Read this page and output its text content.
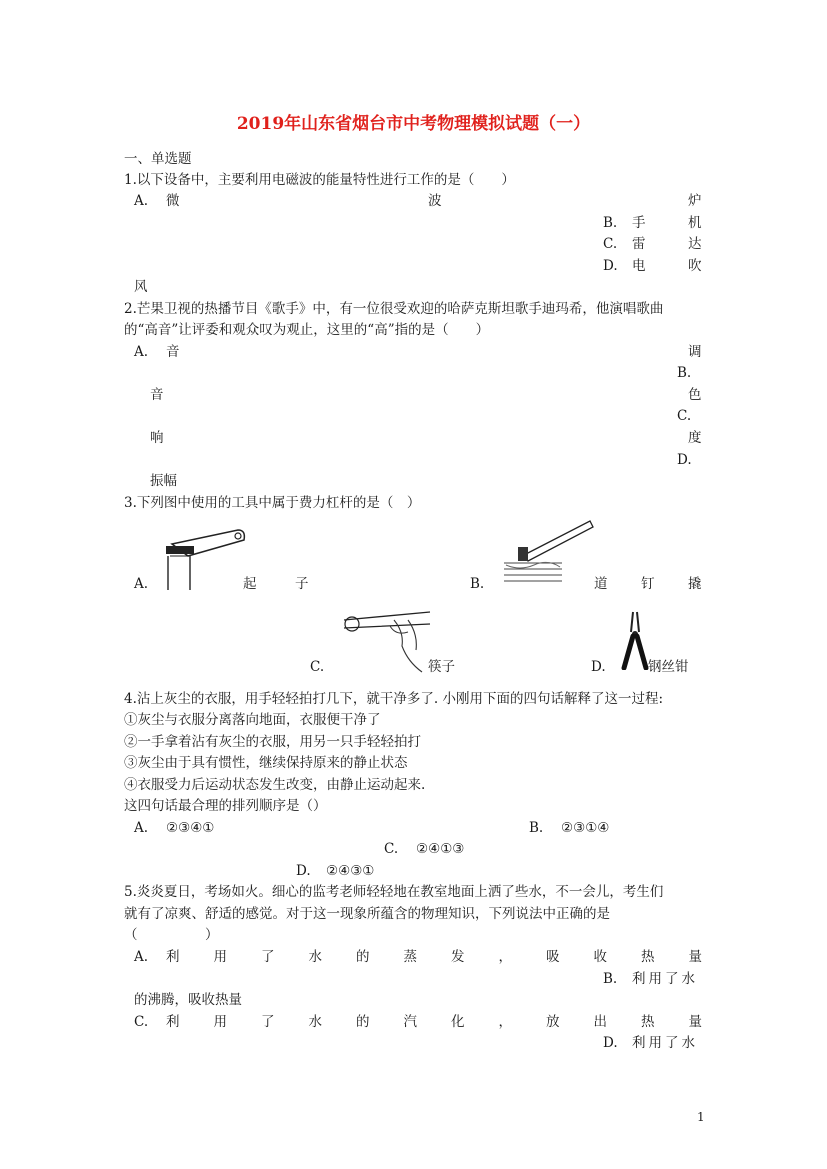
2019年山东省烟台市中考物理模拟试题（一）
一、单选题
1.以下设备中，主要利用电磁波的能量特性进行工作的是（　　）
A. 微	波	炉
B. 手	机
C. 雷	达
D. 电	吹
风
2.芒果卫视的热播节目《歌手》中，有一位很受欢迎的哈萨克斯坦歌手迪玛希，他演唱歌曲
的“高音”让评委和观众叹为观止，这里的“高”指的是（　　）
A. 音	调
B.
音	色
C.
响	度
D.
振幅
3.下列图中使用的工具中属于费力杠杆的是（　）
A.	起	子	B.	道 钉 撬
C.	筷子	D.	钢丝钳
4.沾上灰尘的衣服，用手轻轻拍打几下，就干净多了. 小刚用下面的四句话解释了这一过程:
①灰尘与衣服分离落向地面，衣服便干净了
②一手拿着沾有灰尘的衣服，用另一只手轻轻拍打
③灰尘由于具有惯性，继续保持原来的静止状态
④衣服受力后运动状态发生改变，由静止运动起来.
这四句话最合理的排列顺序是（）
A. ②③④①	B. ②③①④
C. ②④①③
D. ②④③①
5.炎炎夏日，考场如火。细心的监考老师轻轻地在教室地面上洒了些水，不一会儿，考生们
就有了凉爽、舒适的感觉。对于这一现象所蕴含的物理知识，下列说法中正确的是
（　　　　　）
A. 利	用	了	水	的	蒸	发	，	吸	收	热	量
B. 利用了水
的沸腾，吸收热量
C. 利	用	了	水	的	汽	化	，	放	出	热	量
D. 利用了水
1
